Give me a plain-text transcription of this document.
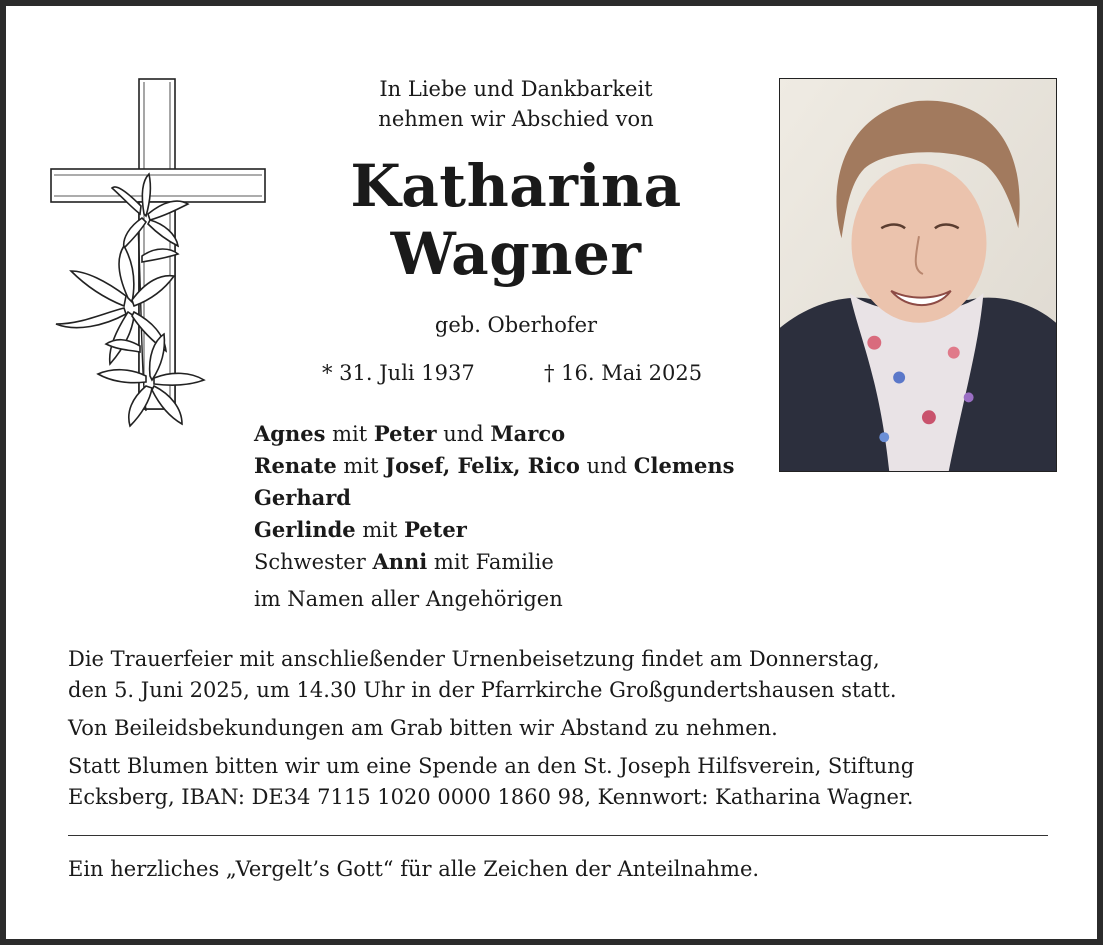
In Liebe und Dankbarkeit
nehmen wir Abschied von
Katharina
Wagner
geb. Oberhofer
* 31. Juli 1937	† 16. Mai 2025
Agnes mit Peter und Marco
Renate mit Josef, Felix, Rico und Clemens
Gerhard
Gerlinde mit Peter
Schwester Anni mit Familie
im Namen aller Angehörigen

Die Trauerfeier mit anschließender Urnenbeisetzung findet am Donnerstag,
den 5. Juni 2025, um 14.30 Uhr in der Pfarrkirche Großgundertshausen statt.

Von Beileidsbekundungen am Grab bitten wir Abstand zu nehmen.

Statt Blumen bitten wir um eine Spende an den St. Joseph Hilfsverein, Stiftung
Ecksberg, IBAN: DE34 7115 1020 0000 1860 98, Kennwort: Katharina Wagner.

Ein herzliches „Vergelt’s Gott“ für alle Zeichen der Anteilnahme.
